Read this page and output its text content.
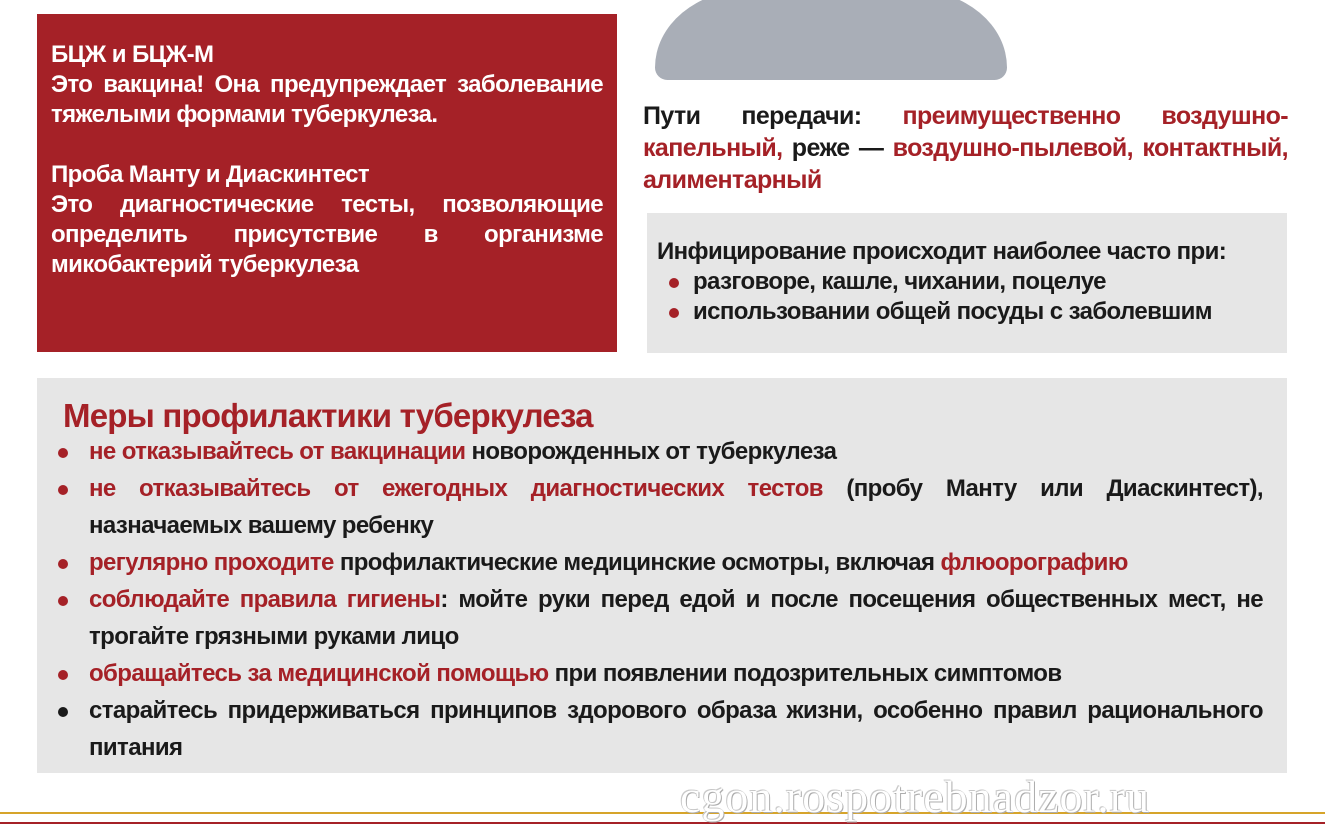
БЦЖ и БЦЖ-М
Это вакцина! Она предупреждает заболевание тяжелыми формами туберкулеза.
Проба Манту и Диаскинтест
Это диагностические тесты, позволяющие определить присутствие в организме микобактерий туберкулеза
Пути передачи: преимущественно воздушно-капельный, реже — воздушно-пылевой, контактный, алиментарный
Инфицирование происходит наиболее часто при:
разговоре, кашле, чихании, поцелуе
использовании общей посуды с заболевшим
Меры профилактики туберкулеза
не отказывайтесь от вакцинации новорожденных от туберкулеза
не отказывайтесь от ежегодных диагностических тестов (пробу Манту или Диаскинтест), назначаемых вашему ребенку
регулярно проходите профилактические медицинские осмотры, включая флюорографию
соблюдайте правила гигиены: мойте руки перед едой и после посещения общественных мест, не трогайте грязными руками лицо
обращайтесь за медицинской помощью при появлении подозрительных симптомов
старайтесь придерживаться принципов здорового образа жизни, особенно правил рационального питания
cgon.rospotrebnadzor.ru
